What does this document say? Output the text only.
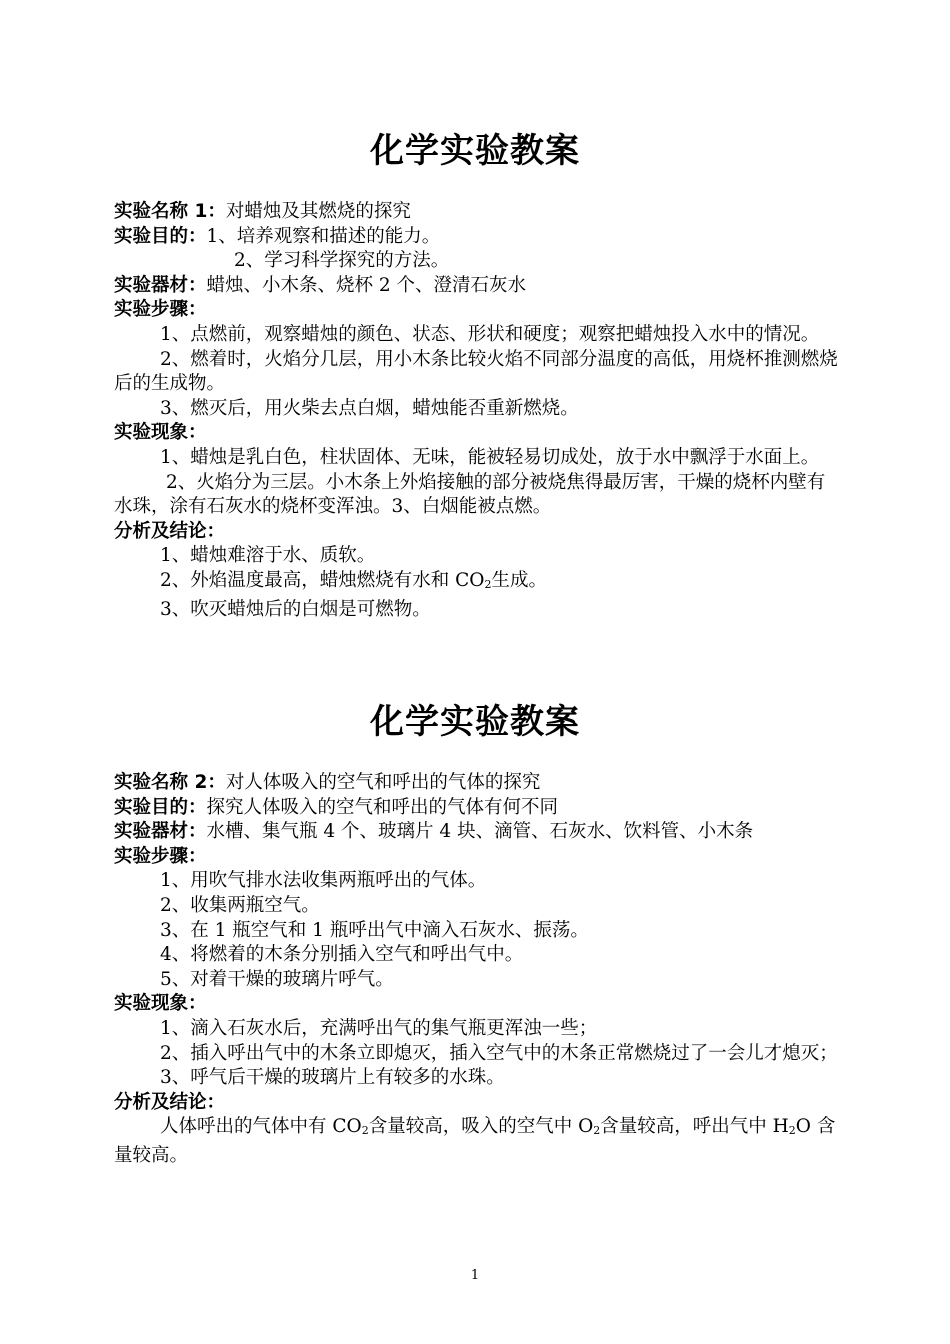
化学实验教案

实验名称 1：对蜡烛及其燃烧的探究

实验目的：1、培养观察和描述的能力。

2、学习科学探究的方法。

实验器材：蜡烛、小木条、烧杯 2 个、澄清石灰水

实验步骤：

1、点燃前，观察蜡烛的颜色、状态、形状和硬度；观察把蜡烛投入水中的情况。

2、燃着时，火焰分几层，用小木条比较火焰不同部分温度的高低，用烧杯推测燃烧后的生成物。

3、燃灭后，用火柴去点白烟，蜡烛能否重新燃烧。

实验现象：

1、蜡烛是乳白色，柱状固体、无味，能被轻易切成处，放于水中飘浮于水面上。

2、火焰分为三层。小木条上外焰接触的部分被烧焦得最厉害，干燥的烧杯内壁有水珠，涂有石灰水的烧杯变浑浊。3、白烟能被点燃。

分析及结论：

1、蜡烛难溶于水、质软。

2、外焰温度最高，蜡烛燃烧有水和 $CO_2$生成。

3、吹灭蜡烛后的白烟是可燃物。

化学实验教案

实验名称 2：对人体吸入的空气和呼出的气体的探究

实验目的：探究人体吸入的空气和呼出的气体有何不同

实验器材：水槽、集气瓶 4 个、玻璃片 4 块、滴管、石灰水、饮料管、小木条

实验步骤：

1、用吹气排水法收集两瓶呼出的气体。

2、收集两瓶空气。

3、在 1 瓶空气和 1 瓶呼出气中滴入石灰水、振荡。

4、将燃着的木条分别插入空气和呼出气中。

5、对着干燥的玻璃片呼气。

实验现象：

1、滴入石灰水后，充满呼出气的集气瓶更浑浊一些；

2、插入呼出气中的木条立即熄灭，插入空气中的木条正常燃烧过了一会儿才熄灭；

3、呼气后干燥的玻璃片上有较多的水珠。

分析及结论：

人体呼出的气体中有 $CO_2$含量较高，吸入的空气中 $O_2$含量较高，呼出气中 $H_2O$ 含量较高。

1
